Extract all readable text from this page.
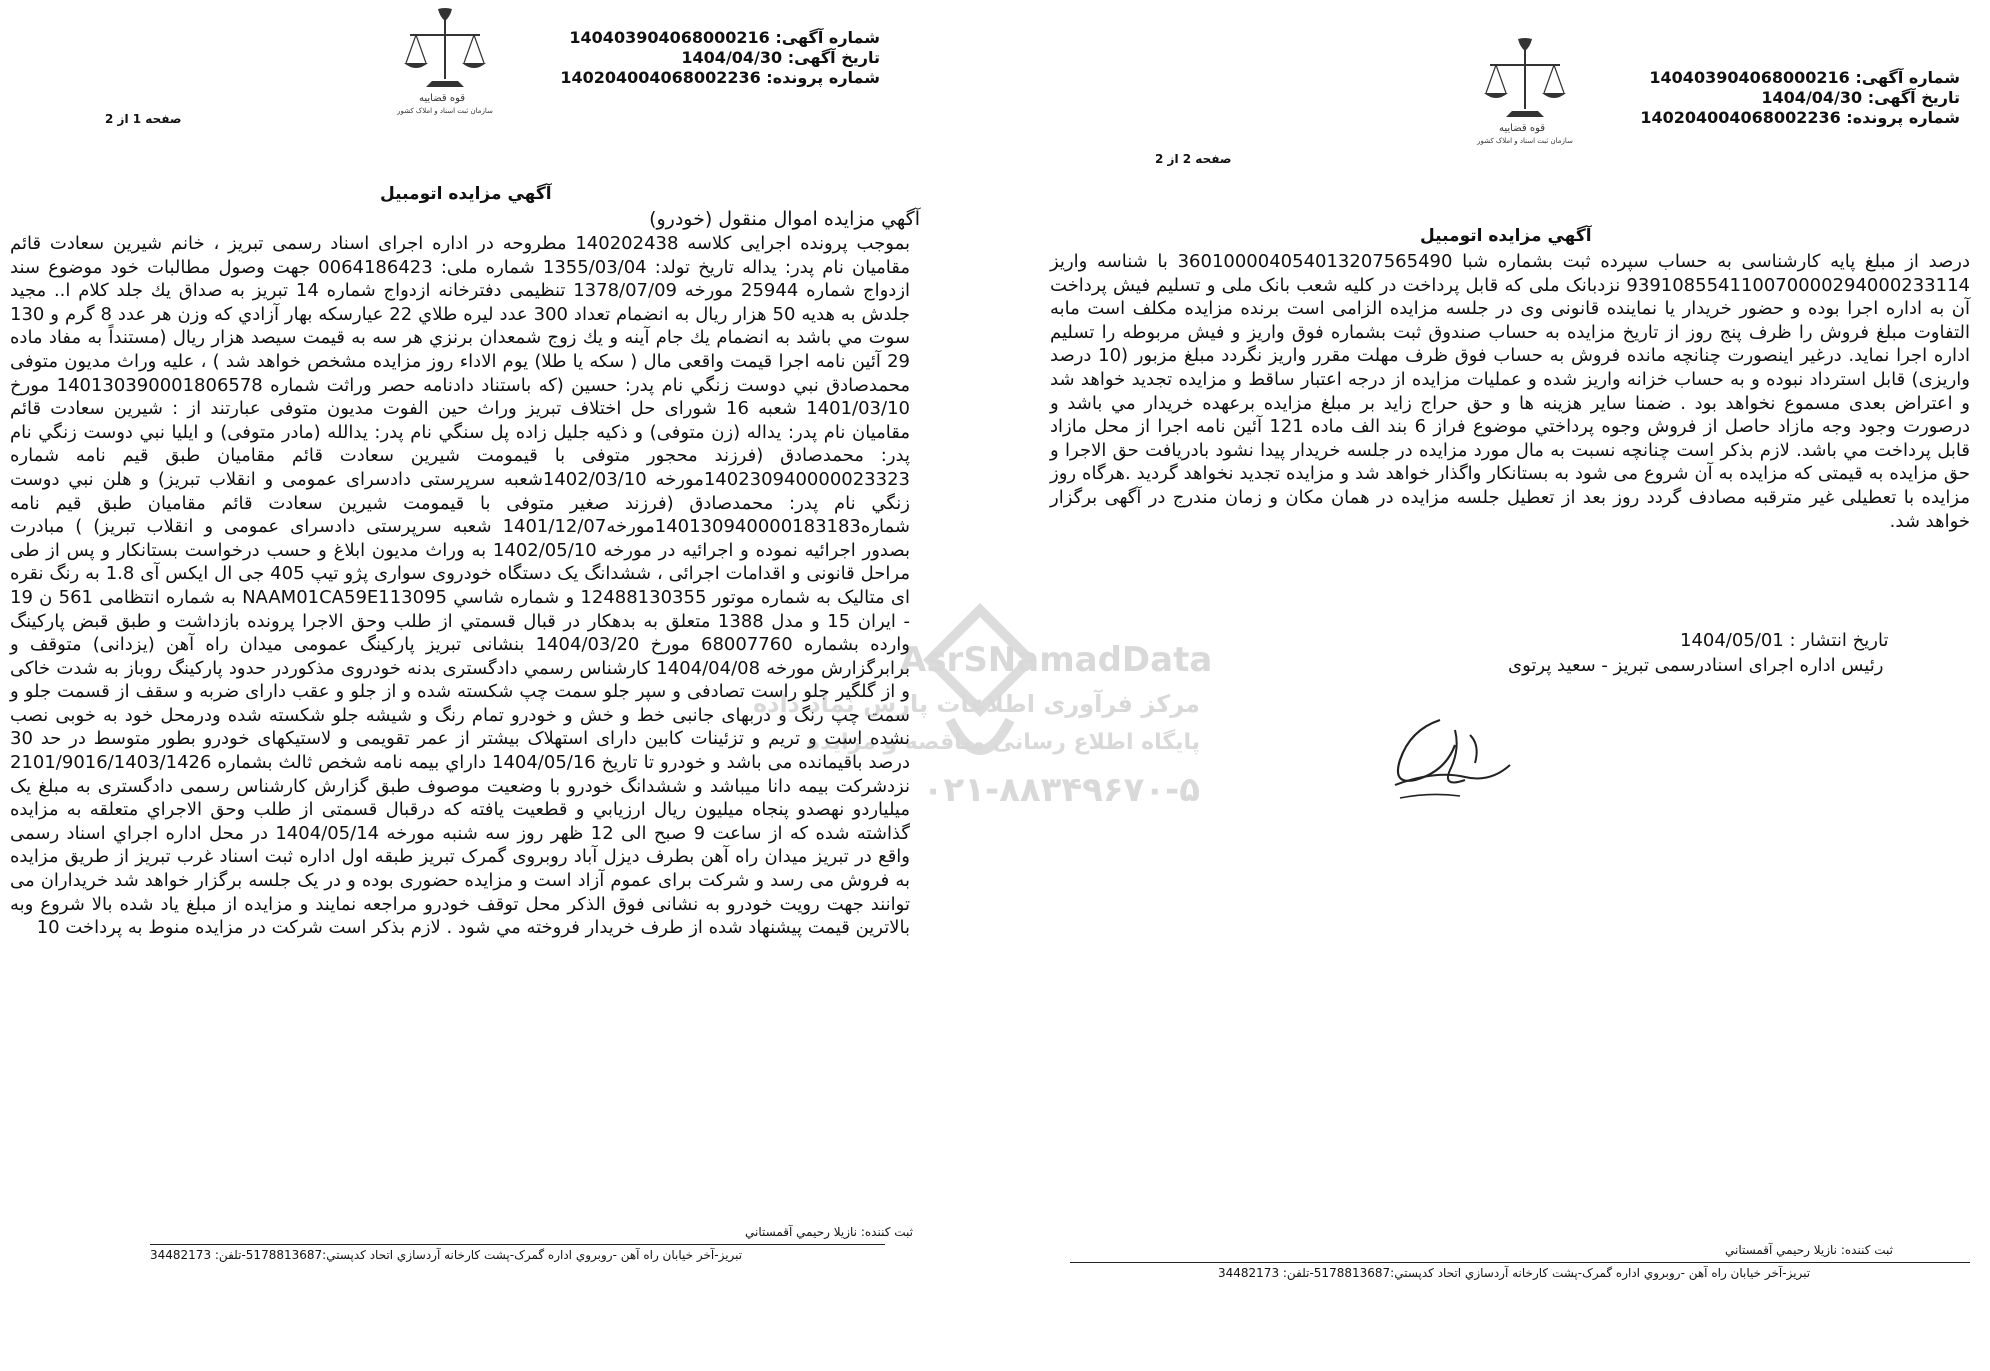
شماره آگهی: 140403904068000216
تاریخ آگهی: 1404/04/30
شماره پرونده: 140204004068002236
قوه قضاییه
سازمان ثبت اسناد و املاک کشور
صفحه 1 از 2
آگهي مزايده اتومبيل
آگهي مزايده اموال منقول (خودرو)
بموجب پرونده اجرايی کلاسه 140202438 مطروحه در اداره اجرای اسناد رسمی تبریز ، خانم شيرين سعادت قائم مقاميان نام پدر: يداله تاريخ تولد: 1355/03/04 شماره ملی: 0064186423 جهت وصول مطالبات خود موضوع سند ازدواج شماره 25944 مورخه 1378/07/09 تنظيمی دفترخانه ازدواج شماره 14 تبريز به صداق يك جلد کلام ا.. مجيد جلدش به هديه 50 هزار ريال به انضمام تعداد 300 عدد ليره طلاي 22 عيارسكه بهار آزادي كه وزن هر عدد 8 گرم و 130 سوت مي باشد به انضمام يك جام آينه و يك زوج شمعدان برنزي هر سه به قيمت سيصد هزار ريال (مستنداً به مفاد ماده 29 آئين نامه اجرا قيمت واقعی مال ( سكه يا طلا) يوم الاداء روز مزايده مشخص خواهد شد ) ، عليه وراث مديون متوفی محمدصادق نبي دوست زنگي نام پدر: حسين (كه باستناد دادنامه حصر وراثت شماره 140130390001806578 مورخ 1401/03/10 شعبه 16 شورای حل اختلاف تبريز وراث حين الفوت مديون متوفی عبارتند از : شيرين سعادت قائم مقاميان نام پدر: يداله (زن متوفی) و ذكيه جليل زاده پل سنگي نام پدر: يدالله (مادر متوفی) و ايليا نبي دوست زنگي نام پدر: محمدصادق (فرزند محجور متوفی با قيمومت شيرين سعادت قائم مقاميان طبق قيم نامه شماره 140230940000023323مورخه 1402/03/10شعبه سرپرستی دادسرای عمومی و انقلاب تبريز) و هلن نبي دوست زنگي نام پدر: محمدصادق (فرزند صغير متوفی با قيمومت شيرين سعادت قائم مقاميان طبق قيم نامه شماره140130940000183183مورخه1401/12/07 شعبه سرپرستی دادسرای عمومی و انقلاب تبريز) ) مبادرت بصدور اجرائيه نموده و اجرائيه در مورخه 1402/05/10 به وراث مديون ابلاغ و حسب درخواست بستانكار و پس از طی مراحل قانونی و اقدامات اجرائی ، ششدانگ يک دستگاه خودروی سواری پژو تيپ 405 جی ال ايكس آی 1.8 به رنگ نقره ای متاليک به شماره موتور 12488130355 و شماره شاسي NAAM01CA59E113095 به شماره انتظامی 561 ن 19 - ايران 15 و مدل 1388 متعلق به بدهكار در قبال قسمتي از طلب وحق الاجرا پرونده بازداشت و طبق قبض پاركينگ وارده بشماره 68007760 مورخ 1404/03/20 بنشانی تبريز پاركينگ عمومی ميدان راه آهن (يزدانی) متوقف و برابرگزارش مورخه 1404/04/08 کارشناس رسمي دادگستری بدنه خودروی مذكوردر حدود پاركينگ روباز به شدت خاكی و از گلگير جلو راست تصادفی و سپر جلو سمت چپ شكسته شده و از جلو و عقب دارای ضربه و سقف از قسمت جلو و سمت چپ رنگ و دربهای جانبی خط و خش و خودرو تمام رنگ و شيشه جلو شكسته شده ودرمحل خود به خوبی نصب نشده است و تريم و تزئينات كابين دارای استهلاک بيشتر از عمر تقويمی و لاستيكهای خودرو بطور متوسط در حد 30 درصد باقيمانده می باشد و خودرو تا تاريخ 1404/05/16 داراي بيمه نامه شخص ثالث بشماره 2101/9016/1403/1426 نزدشركت بيمه دانا ميباشد و ششدانگ خودرو با وضعيت موصوف طبق گزارش كارشناس رسمی دادگستری به مبلغ يک ميلياردو نهصدو پنجاه ميليون ريال ارزيابي و قطعيت يافته كه درقبال قسمتی از طلب وحق الاجراي متعلقه به مزايده گذاشته شده كه از ساعت 9 صبح الی 12 ظهر روز سه شنبه مورخه 1404/05/14 در محل اداره اجراي اسناد رسمی واقع در تبريز ميدان راه آهن بطرف ديزل آباد روبروی گمرک تبريز طبقه اول اداره ثبت اسناد غرب تبريز از طريق مزايده به فروش می رسد و شركت برای عموم آزاد است و مزايده حضوری بوده و در يک جلسه برگزار خواهد شد خريداران می توانند جهت رويت خودرو به نشانی فوق الذكر محل توقف خودرو مراجعه نمايند و مزايده از مبلغ ياد شده بالا شروع وبه بالاترين قيمت پيشنهاد شده از طرف خريدار فروخته مي شود . لازم بذكر است شركت در مزايده منوط به پرداخت 10
ثبت كننده: نازيلا رحيمي آقمستاني
تبريز-آخر خيابان راه آهن -روبروي اداره گمرک-پشت كارخانه آردسازي اتحاد کدپستي:5178813687-تلفن: 34482173
شماره آگهی: 140403904068000216
تاریخ آگهی: 1404/04/30
شماره پرونده: 140204004068002236
قوه قضاییه
سازمان ثبت اسناد و املاک کشور
صفحه 2 از 2
آگهي مزايده اتومبيل
درصد از مبلغ پايه كارشناسی به حساب سپرده ثبت بشماره شبا 360100004054013207565490 با شناسه واريز 939108554110070000294000233114 نزدبانک ملی كه قابل پرداخت در كليه شعب بانک ملی و تسليم فيش پرداخت آن به اداره اجرا بوده و حضور خريدار يا نماينده قانونی وی در جلسه مزايده الزامی است برنده مزايده مكلف است مابه التفاوت مبلغ فروش را ظرف پنج روز از تاريخ مزايده به حساب صندوق ثبت بشماره فوق واريز و فيش مربوطه را تسليم اداره اجرا نمايد. درغير اينصورت چنانچه مانده فروش به حساب فوق ظرف مهلت مقرر واريز نگردد مبلغ مزبور (10 درصد واريزی) قابل استرداد نبوده و به حساب خزانه واريز شده و عمليات مزايده از درجه اعتبار ساقط و مزايده تجديد خواهد شد و اعتراض بعدی مسموع نخواهد بود . ضمنا ساير هزينه ها و حق حراج زايد بر مبلغ مزايده برعهده خريدار مي باشد و درصورت وجود وجه مازاد حاصل از فروش وجوه پرداختي موضوع فراز 6 بند الف ماده 121 آئين نامه اجرا از محل مازاد قابل پرداخت مي باشد. لازم بذكر است چنانچه نسبت به مال مورد مزايده در جلسه خريدار پيدا نشود بادريافت حق الاجرا و حق مزايده به قيمتی كه مزايده به آن شروع می شود به بستانكار واگذار خواهد شد و مزايده تجديد نخواهد گرديد .هرگاه روز مزايده با تعطيلی غير مترقبه مصادف گردد روز بعد از تعطيل جلسه مزايده در همان مكان و زمان مندرج در آگهی برگزار خواهد شد.
تاريخ انتشار : 1404/05/01
رئيس اداره اجرای اسنادرسمی تبريز - سعيد پرتوی
ثبت كننده: نازيلا رحيمي آقمستاني
تبريز-آخر خيابان راه آهن -روبروي اداره گمرک-پشت كارخانه آردسازي اتحاد کدپستي:5178813687-تلفن: 34482173
AsrSNamadData
مرکز فرآوری اطلاعات پارس نماد داده
پایگاه اطلاع رسانی مناقصه و مزایده
۰۲۱-۸۸۳۴۹۶۷۰-۵
